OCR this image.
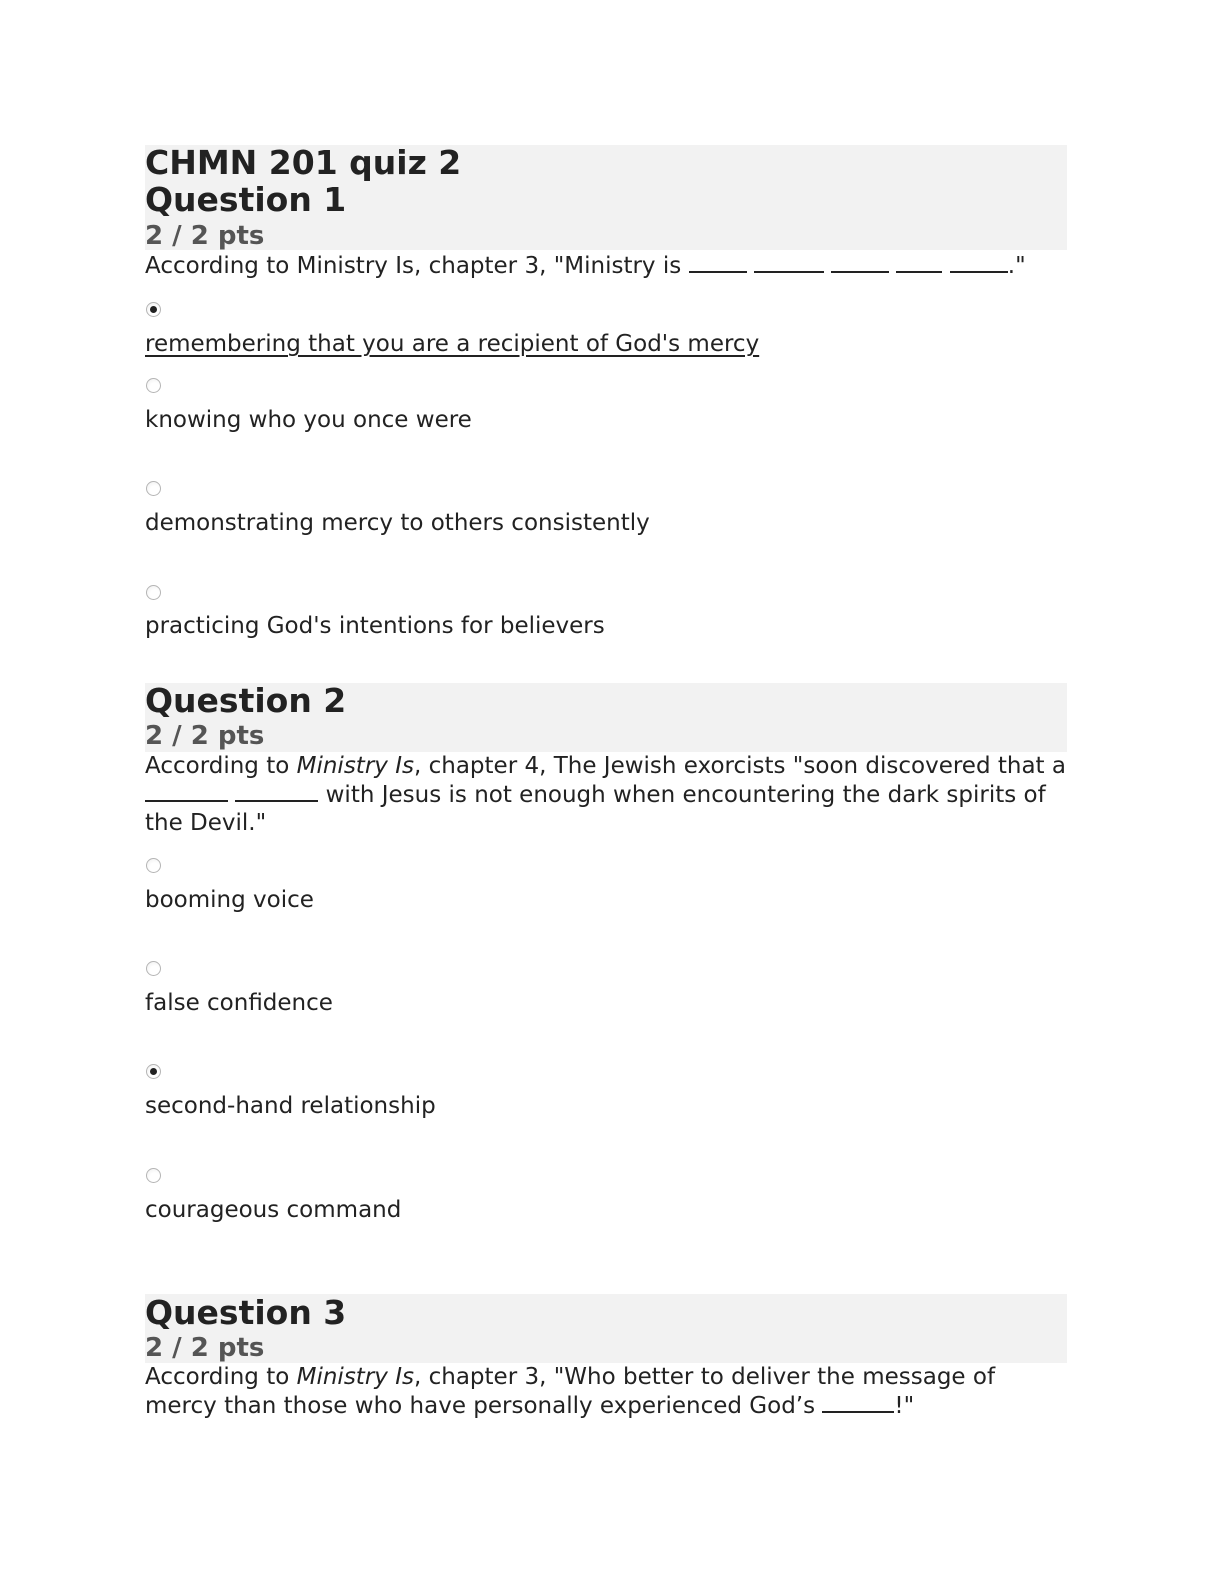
CHMN 201 quiz 2
Question 1
2 / 2 pts
According to Ministry Is, chapter 3, "Ministry is	."
remembering that you are a recipient of God's mercy
knowing who you once were
demonstrating mercy to others consistently
practicing God's intentions for believers
Question 2
2 / 2 pts
According to Ministry Is, chapter 4, The Jewish exorcists "soon discovered that a   with Jesus is not enough when encountering the dark spirits of the Devil."
booming voice
false confidence
second-hand relationship
courageous command
Question 3
2 / 2 pts
According to Ministry Is, chapter 3, "Who better to deliver the message of mercy than those who have personally experienced God’s	!"
